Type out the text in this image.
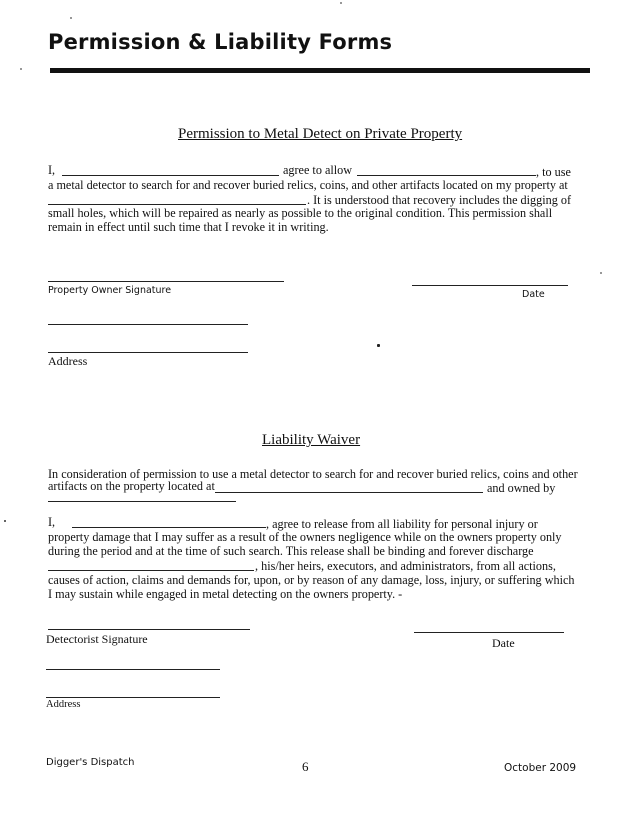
Permission & Liability Forms
Permission to Metal Detect on Private Property
I,	agree to allow	, to use
a metal detector to search for and recover buried relics, coins, and other artifacts located on my property at
. It is understood that recovery includes the digging of
small holes, which will be repaired as nearly as possible to the original condition. This permission shall
remain in effect until such time that I revoke it in writing.
Property Owner Signature	Date
Address
Liability Waiver
In consideration of permission to use a metal detector to search for and recover buried relics, coins and other
artifacts on the property located at	and owned by
I,	, agree to release from all liability for personal injury or
property damage that I may suffer as a result of the owners negligence while on the owners property only
during the period and at the time of such search. This release shall be binding and forever discharge
, his/her heirs, executors, and administrators, from all actions,
causes of action, claims and demands for, upon, or by reason of any damage, loss, injury, or suffering which
I may sustain while engaged in metal detecting on the owners property. -
Detectorist Signature	Date
Address
Digger's Dispatch	6	October 2009
